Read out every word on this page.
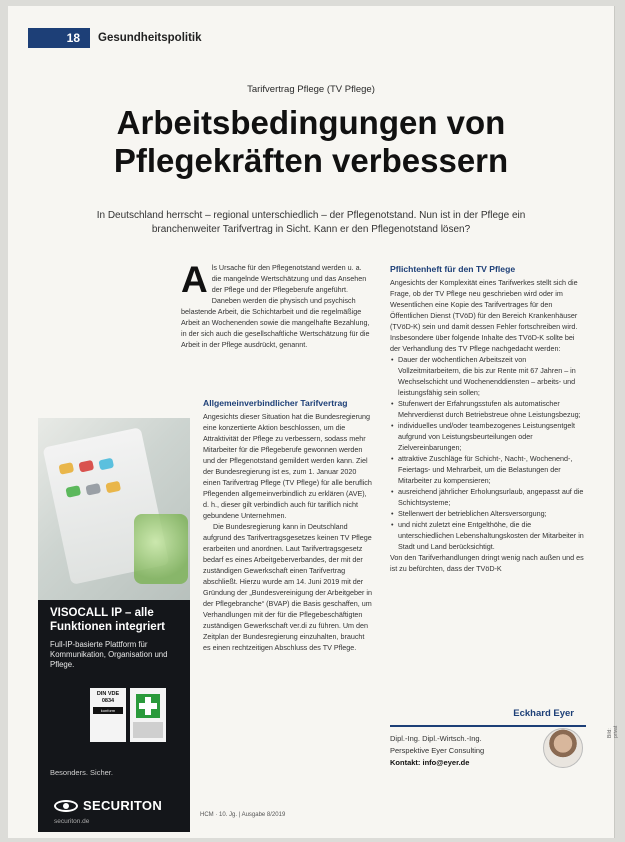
18	Gesundheitspolitik
Tarifvertrag Pflege (TV Pflege)
Arbeitsbedingungen von
Pflegekräften verbessern

In Deutschland herrscht – regional unterschiedlich – der Pflegenotstand. Nun ist in der Pflege ein branchenweiter Tarifvertrag in Sicht. Kann er den Pflegenotstand lösen?

A ls Ursache für den Pflegenotstand werden u. a. die mangelnde Wertschätzung und das Ansehen der Pflege und der Pflegeberufe angeführt. Daneben werden die physisch und psychisch belastende Arbeit, die Schichtarbeit und die regelmäßige Arbeit an Wochenenden sowie die mangelhafte Bezahlung, in der sich auch die gesellschaftliche Wertschätzung für die Arbeit in der Pflege ausdrückt, genannt.
Allgemeinverbindlicher Tarifvertrag

Angesichts dieser Situation hat die Bundesregierung eine konzertierte Aktion beschlossen, um die Attraktivität der Pflege zu verbessern, sodass mehr Mitarbeiter für die Pflegeberufe gewonnen werden und der Pflegenotstand gemildert werden kann. Ziel der Bundesregierung ist es, zum 1. Januar 2020 einen Tarifvertrag Pflege (TV Pflege) für alle beruflich Pflegenden allgemeinverbindlich zu erklären (AVE), d. h., dieser gilt verbindlich auch für tariflich nicht gebundene Unternehmen.

Die Bundesregierung kann in Deutschland aufgrund des Tarifvertragsgesetzes keinen TV Pflege erarbeiten und anordnen. Laut Tarifvertragsgesetz bedarf es eines Arbeitgeberverbandes, der mit der zuständigen Gewerkschaft einen Tarifvertrag abschließt. Hierzu wurde am 14. Juni 2019 mit der Gründung der „Bundesvereinigung der Arbeitgeber in der Pflegebranche“ (BVAP) die Basis geschaffen, um Verhandlungen mit der für die Pflegebeschäftigten zuständigen Gewerkschaft ver.di zu führen. Um den Zeitplan der Bundesregierung einzuhalten, braucht es einen rechtzeitigen Abschluss des TV Pflege.

Pflichtenheft für den TV Pflege

Angesichts der Komplexität eines Tarifwerkes stellt sich die Frage, ob der TV Pflege neu geschrieben wird oder im Wesentlichen eine Kopie des Tarifvertrages für den Öffentlichen Dienst (TVöD) für den Bereich Krankenhäuser (TVöD-K) sein und damit dessen Fehler fortschreiben wird. Insbesondere über folgende Inhalte des TVöD-K sollte bei der Verhandlung des TV Pflege nachgedacht werden:

• Dauer der wöchentlichen Arbeitszeit von Vollzeitmitarbeitern, die bis zur Rente mit 67 Jahren – in Wechselschicht und Wochenenddiensten – arbeits- und leistungsfähig sein sollen;
• Stufenwert der Erfahrungsstufen als automatischer Mehrverdienst durch Betriebstreue ohne Leistungsbezug;
• individuelles und/oder teambezogenes Leistungsentgelt aufgrund von Leistungsbeurteilungen oder Zielvereinbarungen;
• attraktive Zuschläge für Schicht-, Nacht-, Wochenend-, Feiertags- und Mehrarbeit, um die Belastungen der Mitarbeiter zu kompensieren;
• ausreichend jährlicher Erholungsurlaub, angepasst auf die Schichtsysteme;
• Stellenwert der betrieblichen Altersversorgung;
• und nicht zuletzt eine Entgelthöhe, die die unterschiedlichen Lebenshaltungskosten der Mitarbeiter in Stadt und Land berücksichtigt.

Von den Tarifverhandlungen dringt wenig nach außen und es ist zu befürchten, dass der TVöD-K

VISOCALL IP – alle Funktionen integriert
Full-IP-basierte Plattform für Kommunikation, Organisation und Pflege.
DIN VDE
0834
konform
Besonders. Sicher.
SECURITON
securiton.de
Eckhard Eyer
Dipl.-Ing. Dipl.-Wirtsch.-Ing.
Perspektive Eyer Consulting
Kontakt: info@eyer.de
HCM · 10. Jg. | Ausgabe 8/2019
Bild: privat
